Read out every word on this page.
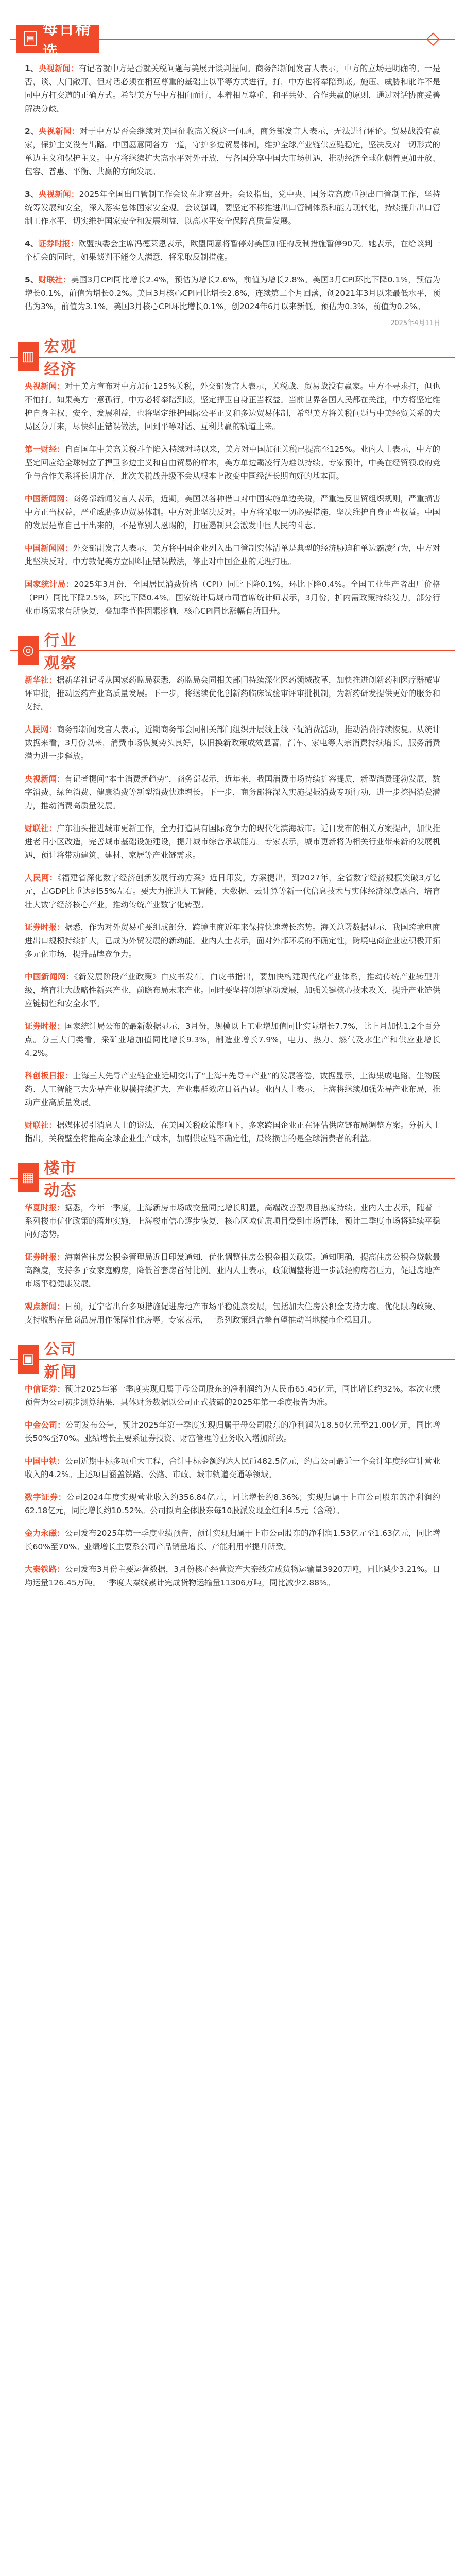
▤
每日精选
◇

1、央视新闻：有记者就中方是否就关税问题与美展开谈判提问。商务部新闻发言人表示，中方的立场是明确的。一是否，谈、大门敞开。但对话必须在相互尊重的基础上以平等方式进行。打，中方也将奉陪到底。施压、威胁和讹诈不是同中方打交道的正确方式。希望美方与中方相向而行，本着相互尊重、和平共处、合作共赢的原则，通过对话协商妥善解决分歧。

2、央视新闻：对于中方是否会继续对美国征收高关税这一问题，商务部发言人表示，无法进行评论。贸易战没有赢家，保护主义没有出路。中国愿意同各方一道，守护多边贸易体制，维护全球产业链供应链稳定，坚决反对一切形式的单边主义和保护主义。中方将继续扩大高水平对外开放，与各国分享中国大市场机遇，推动经济全球化朝着更加开放、包容、普惠、平衡、共赢的方向发展。

3、央视新闻：2025年全国出口管制工作会议在北京召开。会议指出，党中央、国务院高度重视出口管制工作，坚持统筹发展和安全，深入落实总体国家安全观。会议强调，要坚定不移推进出口管制体系和能力现代化，持续提升出口管制工作水平，切实维护国家安全和发展利益，以高水平安全保障高质量发展。

4、证券时报：欧盟执委会主席冯德莱恩表示，欧盟同意将暂停对美国加征的反制措施暂停90天。她表示，在给谈判一个机会的同时，如果谈判不能令人满意，将采取反制措施。

5、财联社：美国3月CPI同比增长2.4%，预估为增长2.6%，前值为增长2.8%。美国3月CPI环比下降0.1%，预估为增长0.1%，前值为增长0.2%。美国3月核心CPI同比增长2.8%，连续第二个月回落，创2021年3月以来最低水平，预估为3%，前值为3.1%。美国3月核心CPI环比增长0.1%，创2024年6月以来新低，预估为0.3%，前值为0.2%。

2025年4月11日
▥
宏观经济

央视新闻：对于美方宣布对中方加征125%关税，外交部发言人表示，关税战、贸易战没有赢家。中方不寻求打，但也不怕打。如果美方一意孤行，中方必将奉陪到底，坚定捍卫自身正当权益。当前世界各国人民都在关注，中方将坚定维护自身主权、安全、发展利益，也将坚定维护国际公平正义和多边贸易体制，希望美方将关税问题与中美经贸关系的大局区分开来，尽快纠正错误做法，回到平等对话、互利共赢的轨道上来。

第一财经：自百国年中美高关税斗争陷入持续对峙以来，美方对中国加征关税已提高至125%。业内人士表示，中方的坚定回应给全球树立了捍卫多边主义和自由贸易的样本，美方单边霸凌行为难以持续。专家预计，中美在经贸领域的竞争与合作关系将长期并存，此次关税战升级不会从根本上改变中国经济长期向好的基本面。

中国新闻网：商务部新闻发言人表示，近期，美国以各种借口对中国实施单边关税，严重违反世贸组织规则，严重损害中方正当权益，严重威胁多边贸易体制。中方对此坚决反对。中方将采取一切必要措施，坚决维护自身正当权益。中国的发展是靠自己干出来的，不是靠别人恩赐的，打压遏制只会激发中国人民的斗志。

中国新闻网：外交部副发言人表示，美方将中国企业列入出口管制实体清单是典型的经济胁迫和单边霸凌行为，中方对此坚决反对。中方敦促美方立即纠正错误做法，停止对中国企业的无理打压。

国家统计局：2025年3月份，全国居民消费价格（CPI）同比下降0.1%，环比下降0.4%。全国工业生产者出厂价格（PPI）同比下降2.5%，环比下降0.4%。国家统计局城市司首席统计师表示，3月份，扩内需政策持续发力，部分行业市场需求有所恢复，叠加季节性因素影响，核心CPI同比涨幅有所回升。

◎
行业观察

新华社：据新华社记者从国家药监局获悉，药监局会同相关部门持续深化医药领域改革，加快推进创新药和医疗器械审评审批，推动医药产业高质量发展。下一步，将继续优化创新药临床试验审评审批机制，为新药研发提供更好的服务和支持。

人民网：商务部新闻发言人表示，近期商务部会同相关部门组织开展线上线下促消费活动，推动消费持续恢复。从统计数据来看，3月份以来，消费市场恢复势头良好，以旧换新政策成效显著，汽车、家电等大宗消费持续增长，服务消费潜力进一步释放。

央视新闻：有记者提问“本土消费新趋势”，商务部表示，近年来，我国消费市场持续扩容提质，新型消费蓬勃发展，数字消费、绿色消费、健康消费等新型消费快速增长。下一步，商务部将深入实施提振消费专项行动，进一步挖掘消费潜力，推动消费高质量发展。

财联社：广东汕头推进城市更新工作，全力打造具有国际竞争力的现代化滨海城市。近日发布的相关方案提出，加快推进老旧小区改造，完善城市基础设施建设，提升城市综合承载能力。专家表示，城市更新将为相关行业带来新的发展机遇，预计将带动建筑、建材、家居等产业链需求。

人民网：《福建省深化数字经济创新发展行动方案》近日印发。方案提出，到2027年，全省数字经济规模突破3万亿元，占GDP比重达到55%左右。要大力推进人工智能、大数据、云计算等新一代信息技术与实体经济深度融合，培育壮大数字经济核心产业，推动传统产业数字化转型。

证券时报：据悉，作为对外贸易重要组成部分，跨境电商近年来保持快速增长态势。海关总署数据显示，我国跨境电商进出口规模持续扩大，已成为外贸发展的新动能。业内人士表示，面对外部环境的不确定性，跨境电商企业应积极开拓多元化市场，提升品牌竞争力。

中国新闻网：《新发展阶段产业政策》白皮书发布。白皮书指出，要加快构建现代化产业体系，推动传统产业转型升级，培育壮大战略性新兴产业，前瞻布局未来产业。同时要坚持创新驱动发展，加强关键核心技术攻关，提升产业链供应链韧性和安全水平。

证券时报：国家统计局公布的最新数据显示，3月份，规模以上工业增加值同比实际增长7.7%，比上月加快1.2个百分点。分三大门类看，采矿业增加值同比增长9.3%，制造业增长7.9%，电力、热力、燃气及水生产和供应业增长4.2%。

科创板日报：上海三大先导产业链企业近期交出了“上海+先导+产业”的发展答卷，数据显示，上海集成电路、生物医药、人工智能三大先导产业规模持续扩大，产业集群效应日益凸显。业内人士表示，上海将继续加强先导产业布局，推动产业高质量发展。

财联社：据媒体援引消息人士的说法，在美国关税政策影响下，多家跨国企业正在评估供应链布局调整方案。分析人士指出，关税壁垒将推高全球企业生产成本，加剧供应链不确定性，最终损害的是全球消费者的利益。

▦
楼市动态

华夏时报：据悉，今年一季度，上海新房市场成交量同比增长明显，高端改善型项目热度持续。业内人士表示，随着一系列楼市优化政策的落地实施，上海楼市信心逐步恢复，核心区域优质项目受到市场青睐，预计二季度市场将延续平稳向好态势。

证券时报：海南省住房公积金管理局近日印发通知，优化调整住房公积金相关政策。通知明确，提高住房公积金贷款最高额度，支持多子女家庭购房，降低首套房首付比例。业内人士表示，政策调整将进一步减轻购房者压力，促进房地产市场平稳健康发展。

观点新闻：日前，辽宁省出台多项措施促进房地产市场平稳健康发展，包括加大住房公积金支持力度、优化限购政策、支持收购存量商品房用作保障性住房等。专家表示，一系列政策组合拳有望推动当地楼市企稳回升。

▣
公司新闻

中信证券：预计2025年第一季度实现归属于母公司股东的净利润约为人民币65.45亿元，同比增长约32%。本次业绩预告为公司初步测算结果，具体财务数据以公司正式披露的2025年第一季度报告为准。

中金公司：公司发布公告，预计2025年第一季度实现归属于母公司股东的净利润为18.50亿元至21.00亿元，同比增长50%至70%。业绩增长主要系证券投资、财富管理等业务收入增加所致。

中国中铁：公司近期中标多项重大工程，合计中标金额约达人民币482.5亿元，约占公司最近一个会计年度经审计营业收入的4.2%。上述项目涵盖铁路、公路、市政、城市轨道交通等领域。

数字证券：公司2024年度实现营业收入约356.84亿元，同比增长约8.36%；实现归属于上市公司股东的净利润约62.18亿元，同比增长约10.52%。公司拟向全体股东每10股派发现金红利4.5元（含税）。

金力永磁：公司发布2025年第一季度业绩预告，预计实现归属于上市公司股东的净利润1.53亿元至1.63亿元，同比增长60%至70%。业绩增长主要系公司产品销量增长、产能利用率提升所致。

大秦铁路：公司发布3月份主要运营数据，3月份核心经营资产大秦线完成货物运输量3920万吨，同比减少3.21%。日均运量126.45万吨。一季度大秦线累计完成货物运输量11306万吨，同比减少2.88%。
